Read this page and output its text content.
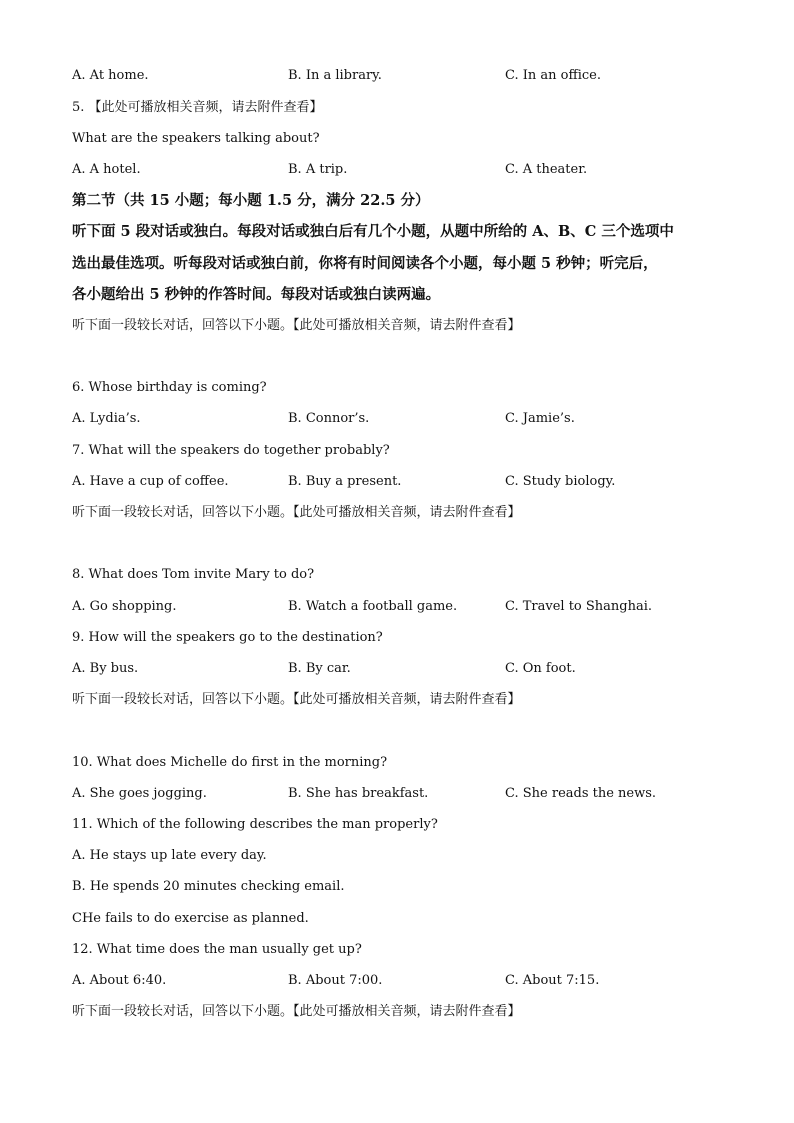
A. At home.	B. In a library.	C. In an office.
5. 【此处可播放相关音频，请去附件查看】
What are the speakers talking about?
A. A hotel.	B. A trip.	C. A theater.
第二节（共 15 小题；每小题 1.5 分，满分 22.5 分）
听下面 5 段对话或独白。每段对话或独白后有几个小题，从题中所给的 A、B、C 三个选项中
选出最佳选项。听每段对话或独白前，你将有时间阅读各个小题，每小题 5 秒钟；听完后，
各小题给出 5 秒钟的作答时间。每段对话或独白读两遍。
听下面一段较长对话，回答以下小题。【此处可播放相关音频，请去附件查看】
6. Whose birthday is coming?
A. Lydia’s.	B. Connor’s.	C. Jamie’s.
7. What will the speakers do together probably?
A. Have a cup of coffee.	B. Buy a present.	C. Study biology.
听下面一段较长对话，回答以下小题。【此处可播放相关音频，请去附件查看】
8. What does Tom invite Mary to do?
A. Go shopping.	B. Watch a football game.	C. Travel to Shanghai.
9. How will the speakers go to the destination?
A. By bus.	B. By car.	C. On foot.
听下面一段较长对话，回答以下小题。【此处可播放相关音频，请去附件查看】
10. What does Michelle do first in the morning?
A. She goes jogging.	B. She has breakfast.	C. She reads the news.
11. Which of the following describes the man properly?
A. He stays up late every day.
B. He spends 20 minutes checking email.
CHe fails to do exercise as planned.
12. What time does the man usually get up?
A. About 6:40.	B. About 7:00.	C. About 7:15.
听下面一段较长对话，回答以下小题。【此处可播放相关音频，请去附件查看】
